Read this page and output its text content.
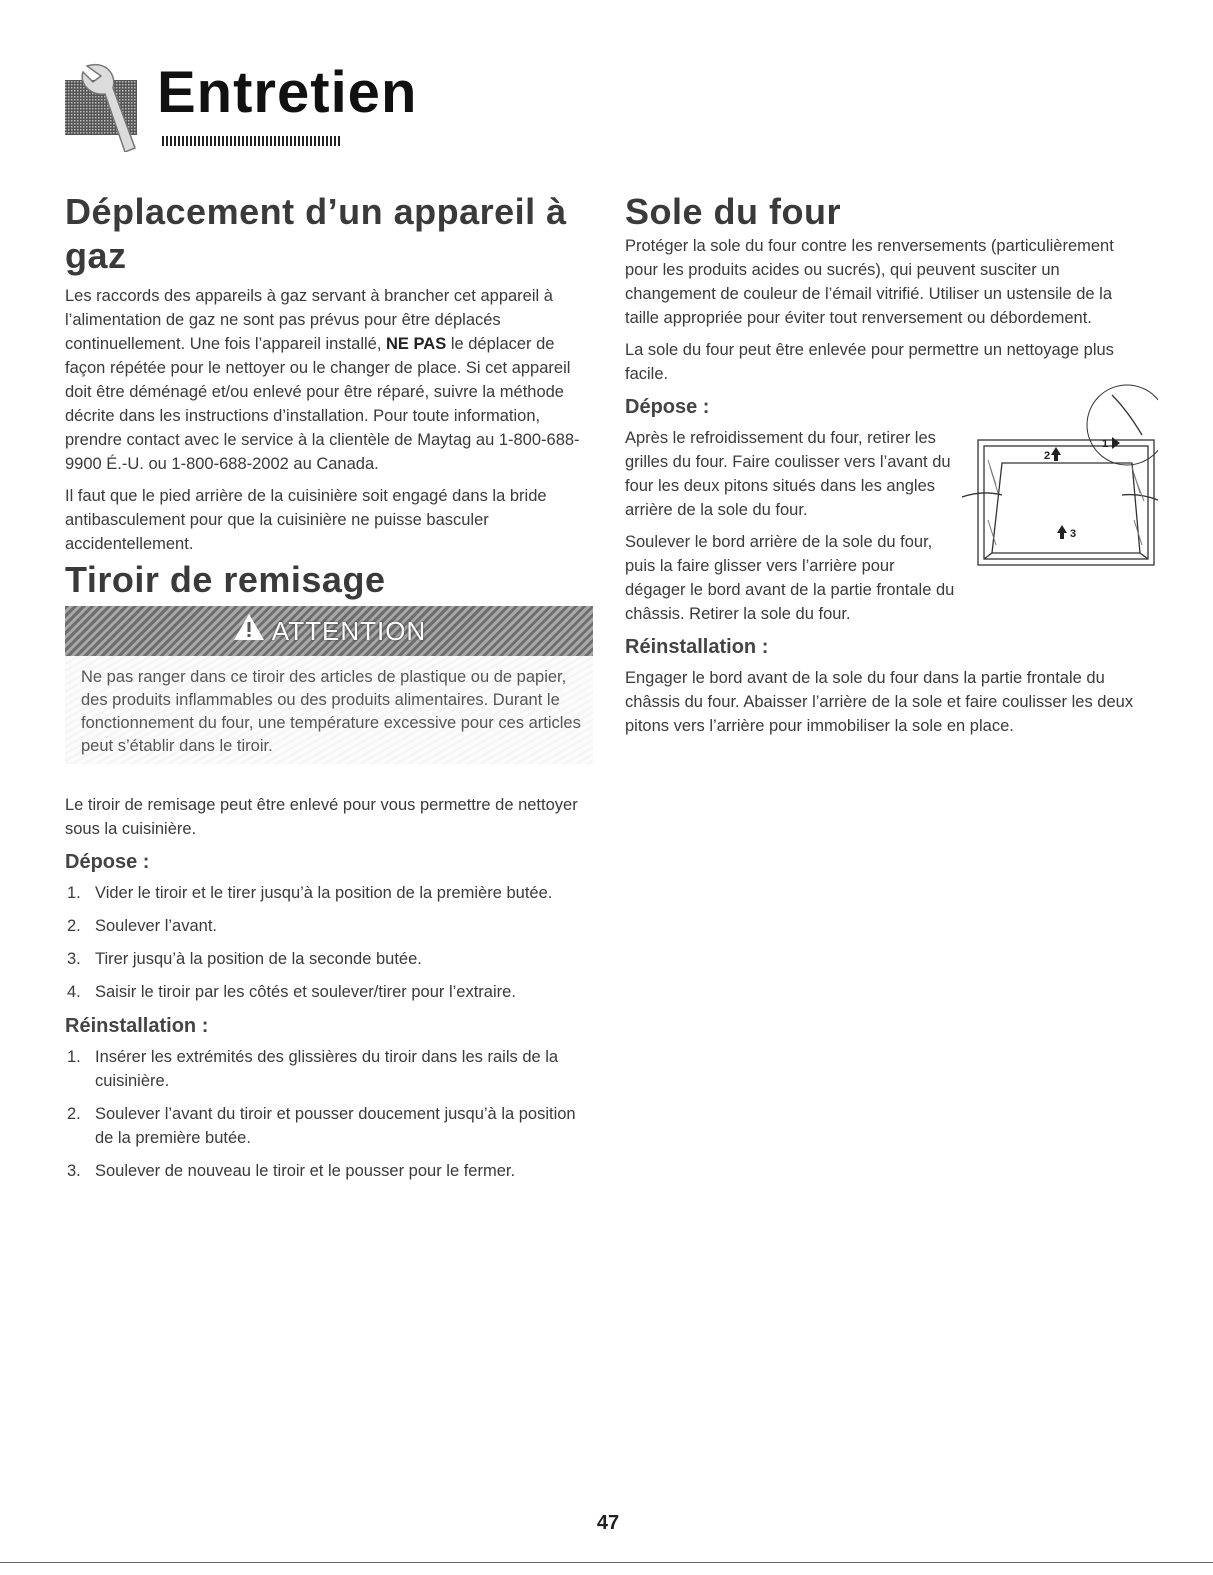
Entretien
Déplacement d’un appareil à gaz

Les raccords des appareils à gaz servant à brancher cet appareil à l’alimentation de gaz ne sont pas prévus pour être déplacés continuellement. Une fois l’appareil installé, NE PAS le déplacer de façon répétée pour le nettoyer ou le changer de place. Si cet appareil doit être déménagé et/ou enlevé pour être réparé, suivre la méthode décrite dans les instructions d’installation. Pour toute information, prendre contact avec le service à la clientèle de Maytag au 1-800-688-9900 É.-U. ou 1-800-688-2002 au Canada.

Il faut que le pied arrière de la cuisinière soit engagé dans la bride antibasculement pour que la cuisinière ne puisse basculer accidentellement.

Tiroir de remisage
ATTENTION
Ne pas ranger dans ce tiroir des articles de plastique ou de papier, des produits inflammables ou des produits alimentaires. Durant le fonctionnement du four, une température excessive pour ces articles peut s’établir dans le tiroir.

Le tiroir de remisage peut être enlevé pour vous permettre de nettoyer sous la cuisinière.

Dépose :
1. Vider le tiroir et le tirer jusqu’à la position de la première butée.
2. Soulever l’avant.
3. Tirer jusqu’à la position de la seconde butée.
4. Saisir le tiroir par les côtés et soulever/tirer pour l’extraire.
Réinstallation :
1. Insérer les extrémités des glissières du tiroir dans les rails de la cuisinière.
2. Soulever l’avant du tiroir et pousser doucement jusqu’à la position de la première butée.
3. Soulever de nouveau le tiroir et le pousser pour le fermer.
Sole du four

Protéger la sole du four contre les renversements (particulièrement pour les produits acides ou sucrés), qui peuvent susciter un changement de couleur de l’émail vitrifié. Utiliser un ustensile de la taille appropriée pour éviter tout renversement ou débordement.

La sole du four peut être enlevée pour permettre un nettoyage plus facile.

Dépose :

Après le refroidissement du four, retirer les grilles du four. Faire coulisser vers l’avant du four les deux pitons situés dans les angles arrière de la sole du four.

Soulever le bord arrière de la sole du four, puis la faire glisser vers l’arrière pour dégager le bord avant de la partie frontale du châssis. Retirer la sole du four.

Réinstallation :

Engager le bord avant de la sole du four dans la partie frontale du châssis du four. Abaisser l’arrière de la sole et faire coulisser les deux pitons vers l’arrière pour immobiliser la sole en place.

1
2
3
47
